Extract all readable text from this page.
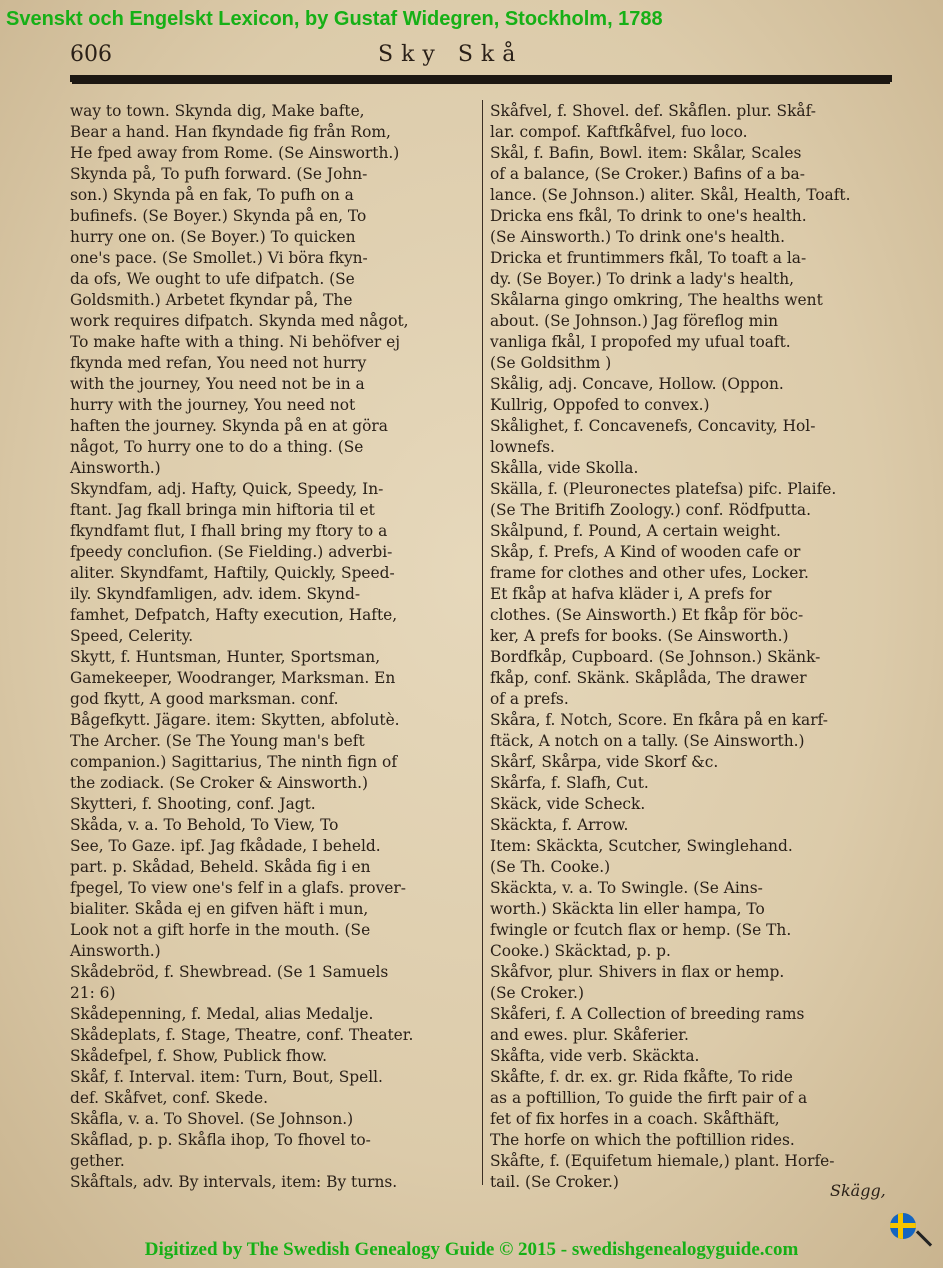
Svenskt och Engelskt Lexicon, by Gustaf Widegren, Stockholm, 1788
606	Sky Skå
way to town. Skynda dig, Make bafte,
Bear a hand. Han fkyndade fig från Rom,
He fped away from Rome. (Se Ainsworth.)
Skynda på, To pufh forward. (Se John-
son.) Skynda på en fak, To pufh on a
bufinefs. (Se Boyer.) Skynda på en, To
hurry one on. (Se Boyer.) To quicken
one's pace. (Se Smollet.) Vi böra fkyn-
da ofs, We ought to ufe difpatch. (Se
Goldsmith.) Arbetet fkyndar på, The
work requires difpatch. Skynda med något,
To make hafte with a thing. Ni behöfver ej
fkynda med refan, You need not hurry
with the journey, You need not be in a
hurry with the journey, You need not
haften the journey. Skynda på en at göra
något, To hurry one to do a thing. (Se
Ainsworth.)
Skyndfam, adj. Hafty, Quick, Speedy, In-
ftant. Jag fkall bringa min hiftoria til et
fkyndfamt flut, I fhall bring my ftory to a
fpeedy conclufion. (Se Fielding.) adverbi-
aliter. Skyndfamt, Haftily, Quickly, Speed-
ily. Skyndfamligen, adv. idem. Skynd-
famhet, Defpatch, Hafty execution, Hafte,
Speed, Celerity.
Skytt, f. Huntsman, Hunter, Sportsman,
Gamekeeper, Woodranger, Marksman. En
god fkytt, A good marksman. conf.
Bågefkytt. Jägare. item: Skytten, abfolutè.
The Archer. (Se The Young man's beft
companion.) Sagittarius, The ninth fign of
the zodiack. (Se Croker & Ainsworth.)
Skytteri, f. Shooting, conf. Jagt.
Skåda, v. a. To Behold, To View, To
See, To Gaze. ipf. Jag fkådade, I beheld.
part. p. Skådad, Beheld. Skåda fig i en
fpegel, To view one's felf in a glafs. prover-
bialiter. Skåda ej en gifven häft i mun,
Look not a gift horfe in the mouth. (Se
Ainsworth.)
Skådebröd, f. Shewbread. (Se 1 Samuels
21: 6)
Skådepenning, f. Medal, alias Medalje.
Skådeplats, f. Stage, Theatre, conf. Theater.
Skådefpel, f. Show, Publick fhow.
Skåf, f. Interval. item: Turn, Bout, Spell.
def. Skåfvet, conf. Skede.
Skåfla, v. a. To Shovel. (Se Johnson.)
Skåflad, p. p. Skåfla ihop, To fhovel to-
gether.
Skåftals, adv. By intervals, item: By turns.
Skåfvel, f. Shovel. def. Skåflen. plur. Skåf-
lar. compof. Kaftfkåfvel, fuo loco.
Skål, f. Bafin, Bowl. item: Skålar, Scales
of a balance, (Se Croker.) Bafins of a ba-
lance. (Se Johnson.) aliter. Skål, Health, Toaft.
Dricka ens fkål, To drink to one's health.
(Se Ainsworth.) To drink one's health.
Dricka et fruntimmers fkål, To toaft a la-
dy. (Se Boyer.) To drink a lady's health,
Skålarna gingo omkring, The healths went
about. (Se Johnson.) Jag föreflog min
vanliga fkål, I propofed my ufual toaft.
(Se Goldsithm )
Skålig, adj. Concave, Hollow. (Oppon.
Kullrig, Oppofed to convex.)
Skålighet, f. Concavenefs, Concavity, Hol-
lownefs.
Skålla, vide Skolla.
Skälla, f. (Pleuronectes platefsa) pifc. Plaife.
(Se The Britifh Zoology.) conf. Rödfputta.
Skålpund, f. Pound, A certain weight.
Skåp, f. Prefs, A Kind of wooden cafe or
frame for clothes and other ufes, Locker.
Et fkåp at hafva kläder i, A prefs for
clothes. (Se Ainsworth.) Et fkåp för böc-
ker, A prefs for books. (Se Ainsworth.)
Bordfkåp, Cupboard. (Se Johnson.) Skänk-
fkåp, conf. Skänk. Skåplåda, The drawer
of a prefs.
Skåra, f. Notch, Score. En fkåra på en karf-
ftäck, A notch on a tally. (Se Ainsworth.)
Skårf, Skårpa, vide Skorf &c.
Skårfa, f. Slafh, Cut.
Skäck, vide Scheck.
Skäckta, f. Arrow.
Item: Skäckta, Scutcher, Swinglehand.
(Se Th. Cooke.)
Skäckta, v. a. To Swingle. (Se Ains-
worth.) Skäckta lin eller hampa, To
fwingle or fcutch flax or hemp. (Se Th.
Cooke.) Skäcktad, p. p.
Skåfvor, plur. Shivers in flax or hemp.
(Se Croker.)
Skåferi, f. A Collection of breeding rams
and ewes. plur. Skåferier.
Skåfta, vide verb. Skäckta.
Skåfte, f. dr. ex. gr. Rida fkåfte, To ride
as a poftillion, To guide the firft pair of a
fet of fix horfes in a coach. Skåfthäft,
The horfe on which the poftillion rides.
Skåfte, f. (Equifetum hiemale,) plant. Horfe-
tail. (Se Croker.)	Skägg,
Digitized by The Swedish Genealogy Guide © 2015 - swedishgenealogyguide.com
